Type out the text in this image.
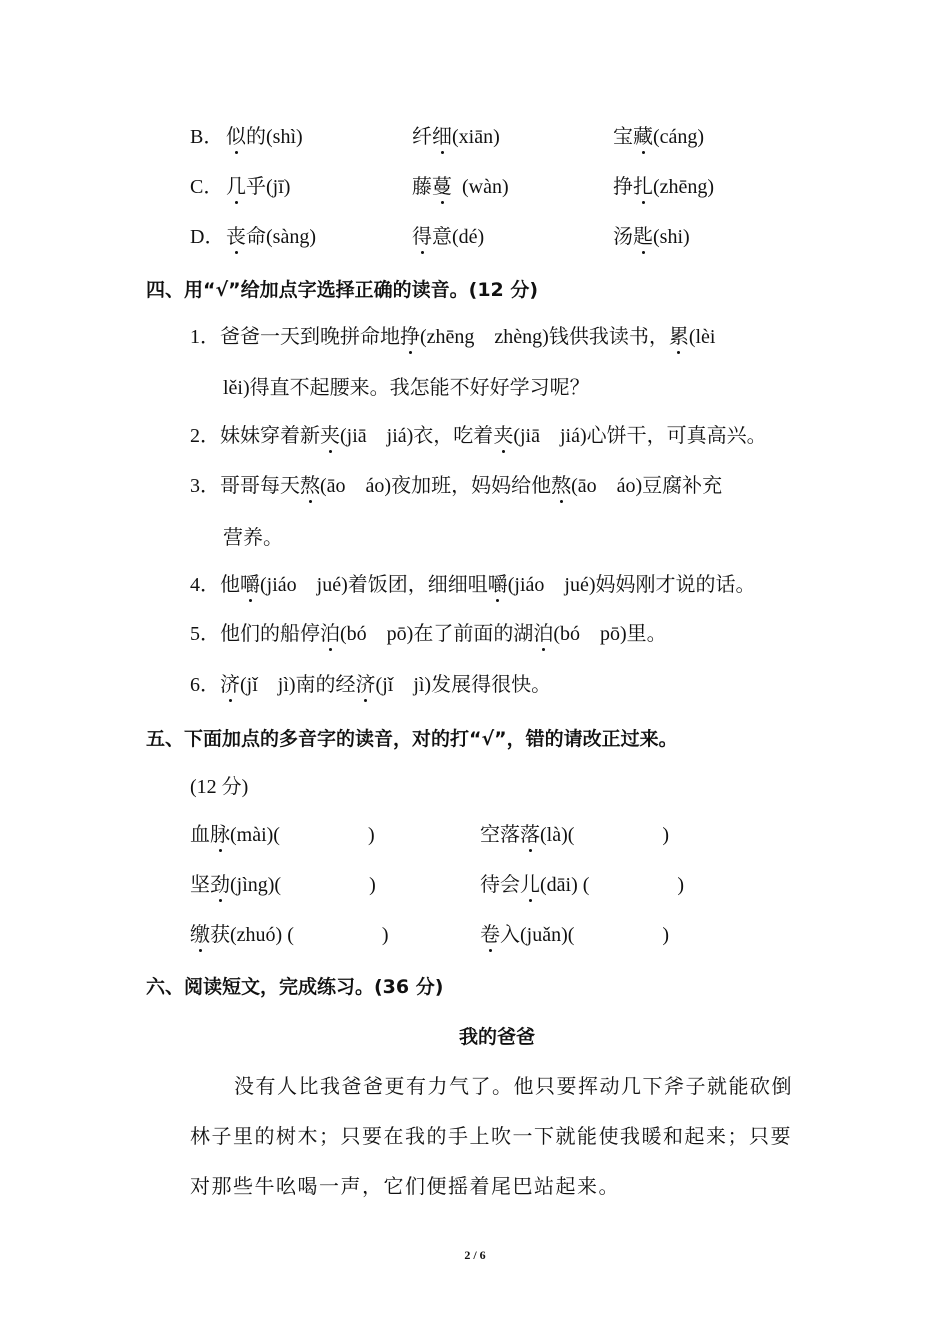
B． 似的(shì)	纤细(xiān)	宝藏(cáng)
C． 几乎(jī)	藤蔓  (wàn)	挣扎(zhēng)
D． 丧命(sàng)	得意(dé)	汤匙(shi)
四、用“√”给加点字选择正确的读音。(12 分)
1．爸爸一天到晚拼命地挣(zhēng　zhèng)钱供我读书，累(lèi
lěi)得直不起腰来。我怎能不好好学习呢？
2．妹妹穿着新夹(jiā　jiá)衣，吃着夹(jiā　jiá)心饼干，可真高兴。
3．哥哥每天熬(āo　áo)夜加班，妈妈给他熬(āo　áo)豆腐补充
营养。
4．他嚼(jiáo　jué)着饭团，细细咀嚼(jiáo　jué)妈妈刚才说的话。
5．他们的船停泊(bó　pō)在了前面的湖泊(bó　pō)里。
6．济(jǐ　jì)南的经济(jǐ　jì)发展得很快。
五、下面加点的多音字的读音，对的打“√”，错的请改正过来。
(12 分)
血脉(mài)(	)	空落落(là)(	)
坚劲(jìng)(	)	待会儿(dāi) (	)
缴获(zhuó) (	)	卷入(juǎn)(	)
六、阅读短文，完成练习。(36 分)
我的爸爸
没有人比我爸爸更有力气了。他只要挥动几下斧子就能砍倒
林子里的树木；只要在我的手上吹一下就能使我暖和起来；只要
对那些牛吆喝一声，它们便摇着尾巴站起来。
2 / 6
